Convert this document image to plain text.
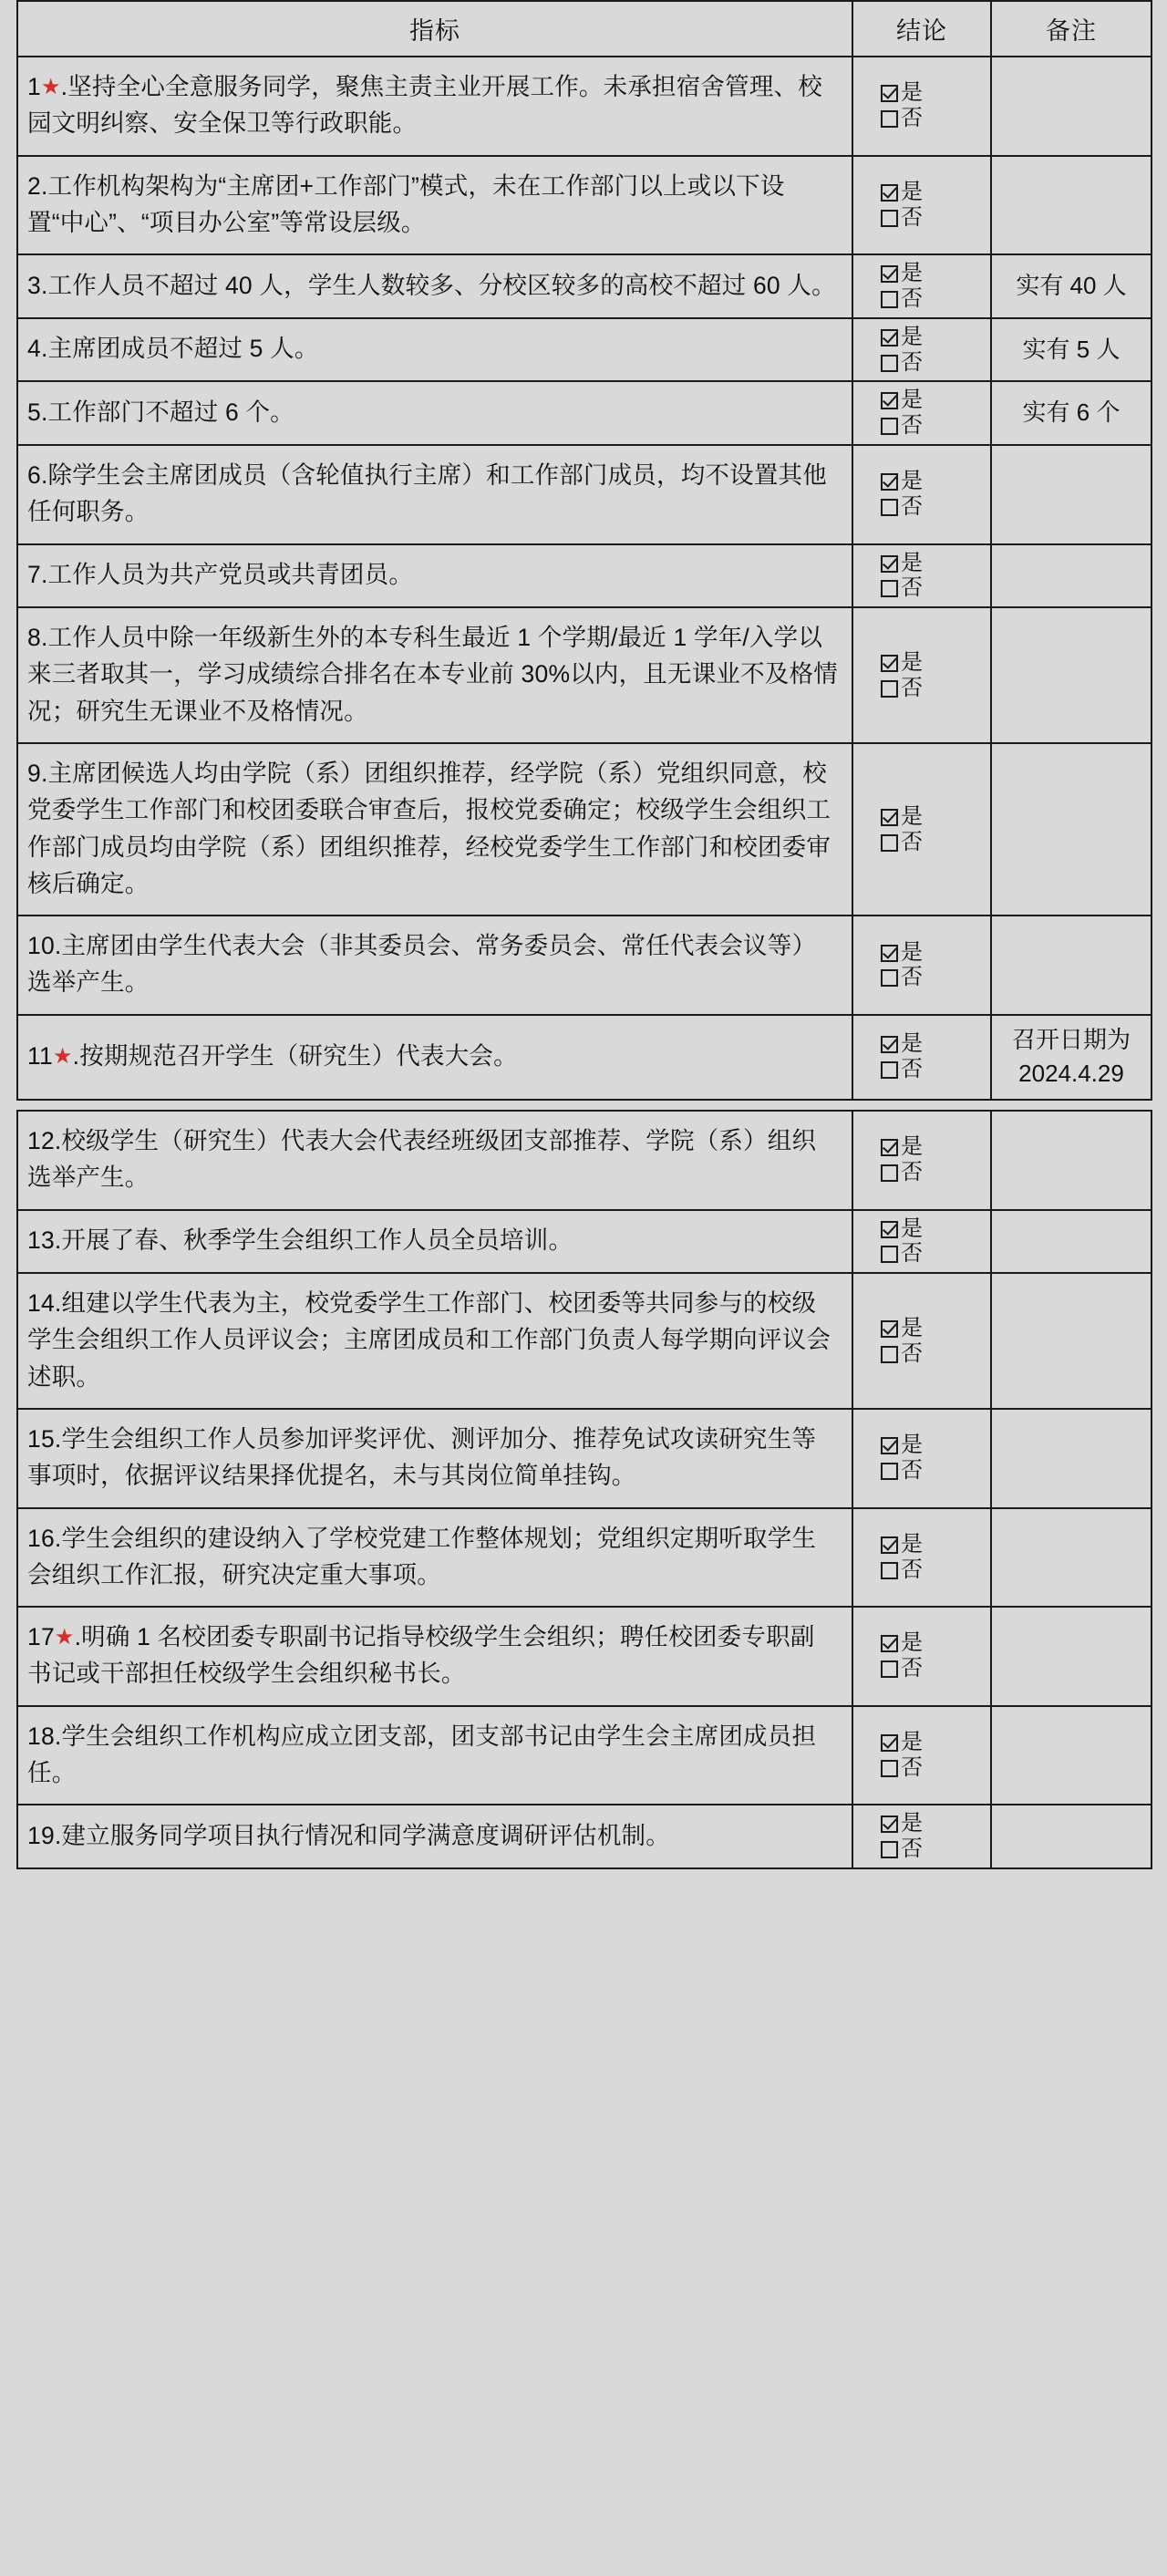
指标	结论	备注
1★.坚持全心全意服务同学，聚焦主责主业开展工作。未承担宿舍管理、校园文明纠察、安全保卫等行政职能。	是
否	

2.工作机构架构为“主席团+工作部门”模式，未在工作部门以上或以下设置“中心”、“项目办公室”等常设层级。	是
否	

3.工作人员不超过 40 人，学生人数较多、分校区较多的高校不超过 60 人。	是
否	实有 40 人
4.主席团成员不超过 5 人。	是
否	实有 5 人
5.工作部门不超过 6 个。	是
否	实有 6 个
6.除学生会主席团成员（含轮值执行主席）和工作部门成员，均不设置其他任何职务。	是
否	

7.工作人员为共产党员或共青团员。	是
否	

8.工作人员中除一年级新生外的本专科生最近 1 个学期/最近 1 学年/入学以来三者取其一，学习成绩综合排名在本专业前 30%以内，且无课业不及格情况；研究生无课业不及格情况。	是
否	

9.主席团候选人均由学院（系）团组织推荐，经学院（系）党组织同意，校党委学生工作部门和校团委联合审查后，报校党委确定；校级学生会组织工作部门成员均由学院（系）团组织推荐，经校党委学生工作部门和校团委审核后确定。	是
否	

10.主席团由学生代表大会（非其委员会、常务委员会、常任代表会议等）选举产生。	是
否	

11★.按期规范召开学生（研究生）代表大会。	是
否	召开日期为 2024.4.29

12.校级学生（研究生）代表大会代表经班级团支部推荐、学院（系）组织选举产生。	是
否	

13.开展了春、秋季学生会组织工作人员全员培训。	是
否	

14.组建以学生代表为主，校党委学生工作部门、校团委等共同参与的校级学生会组织工作人员评议会；主席团成员和工作部门负责人每学期向评议会述职。	是
否	

15.学生会组织工作人员参加评奖评优、测评加分、推荐免试攻读研究生等事项时，依据评议结果择优提名，未与其岗位简单挂钩。	是
否	

16.学生会组织的建设纳入了学校党建工作整体规划；党组织定期听取学生会组织工作汇报，研究决定重大事项。	是
否	

17★.明确 1 名校团委专职副书记指导校级学生会组织；聘任校团委专职副书记或干部担任校级学生会组织秘书长。	是
否	

18.学生会组织工作机构应成立团支部，团支部书记由学生会主席团成员担任。	是
否	

19.建立服务同学项目执行情况和同学满意度调研评估机制。	是
否	
